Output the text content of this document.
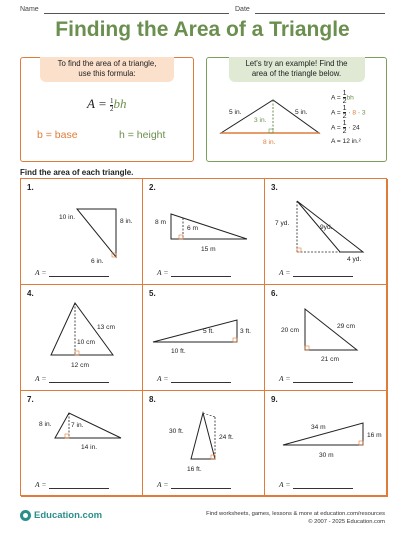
Name	Date
Finding the Area of a Triangle
To find the area of a triangle,
use this formula:
$A = \frac{1}{2}$ bh
b = base	h = height
Let's try an example! Find the
area of the triangle below.
5 in.	5 in.
3 in.
8 in.
$A = \frac{1}{2}$ bh
$A = \frac{1}{2} \cdot 8 \cdot 3$
$A = \frac{1}{2} \cdot 24$
A = 12 in.²
Find the area of each triangle.
1.
10 in.
8 in.
6 in.
A =
2.
8 m
6 m
15 m
A =
3.
7 yd.
9yd.
4 yd.
A =
4.
13 cm
10 cm
12 cm
A =
5.
5 ft.	3 ft.
10 ft.
A =
6.
20 cm
29 cm
21 cm
A =
7.
8 in.	7 in.
14 in.
A =
8.
30 ft.
24 ft.
16 ft.
A =
9.
34 m
16 m
30 m
A =
Education.com	Find worksheets, games, lessons & more at education.com/resources
© 2007 - 2025 Education.com
